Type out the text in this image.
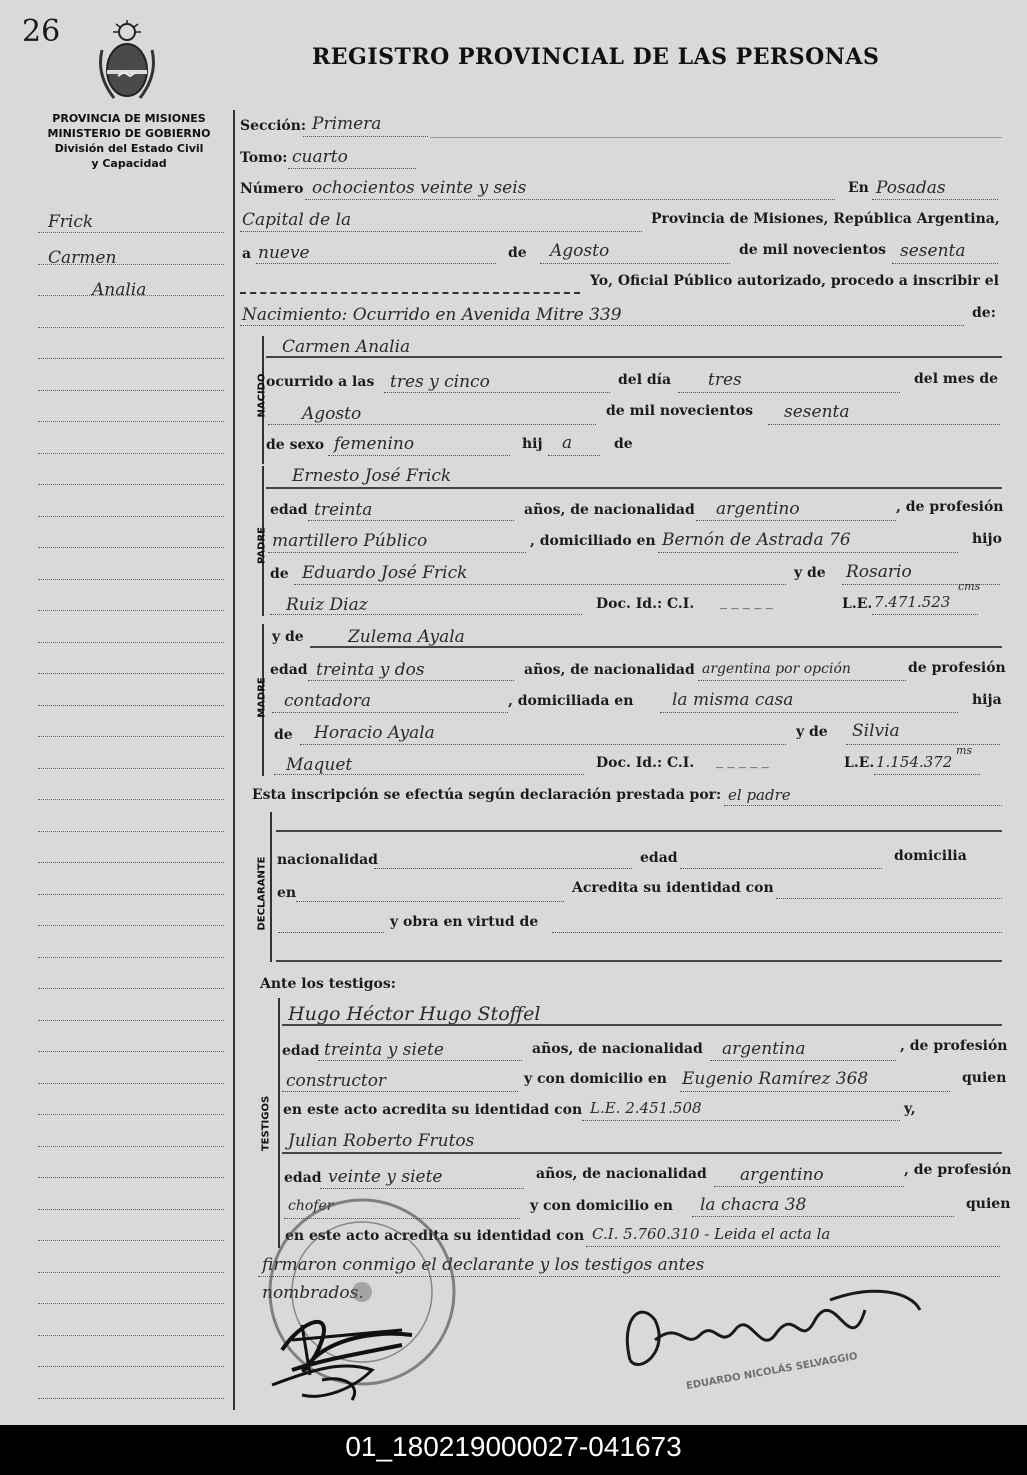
26
REGISTRO PROVINCIAL DE LAS PERSONAS
PROVINCIA DE MISIONES
MINISTERIO DE GOBIERNO
División del Estado Civil
y Capacidad
Frick
Carmen
Analia
Sección: Primera
Tomo: cuarto
Número ochocientos veinte y seis	En Posadas
Capital de la	Provincia de Misiones, República Argentina,
a nueve	de Agosto	de mil novecientos sesenta
Yo, Oficial Público autorizado, procedo a inscribir el
Nacimiento: Ocurrido en Avenida Mitre 339	de:
NACIDO
Carmen Analia
ocurrido a las tres y cinco	del día tres	del mes de
Agosto	de mil novecientos sesenta
de sexo femenino	hij a	de
PADRE
Ernesto José Frick
edad treinta	años, de nacionalidad argentino	, de profesión
martillero Público	, domiciliado en Bernón de Astrada 76	hijo
de Eduardo José Frick	y de Rosario
Ruiz Diaz	Doc. Id.: C.I. _ _ _ _ _	L.E. 7.471.523
cms
MADRE
y de	Zulema Ayala
edad treinta y dos	años, de nacionalidad argentina por opción	de profesión
contadora	, domiciliada en la misma casa	hija
de Horacio Ayala	y de Silvia
Maquet	Doc. Id.: C.I. _ _ _ _ _	L.E. 1.154.372
ms
Esta inscripción se efectúa según declaración prestada por: el padre
DECLARANTE nacionalidad	edad	domicilia
en	Acredita su identidad con
y obra en virtud de
Ante los testigos:
TESTIGOS
Hugo Héctor Hugo Stoffel
edad treinta y siete	años, de nacionalidad argentina	, de profesión
constructor	y con domicilio en Eugenio Ramírez 368	quien
en este acto acredita su identidad con L.E. 2.451.508	y,
Julian Roberto Frutos
edad veinte y siete	años, de nacionalidad argentino	, de profesión
chofer	y con domicilio en la chacra 38	quien
en este acto acredita su identidad con C.I. 5.760.310 - Leida el acta la
firmaron conmigo el declarante y los testigos antes
nombrados.
EDUARDO NICOLÁS SELVAGGIO
01_180219000027-041673
